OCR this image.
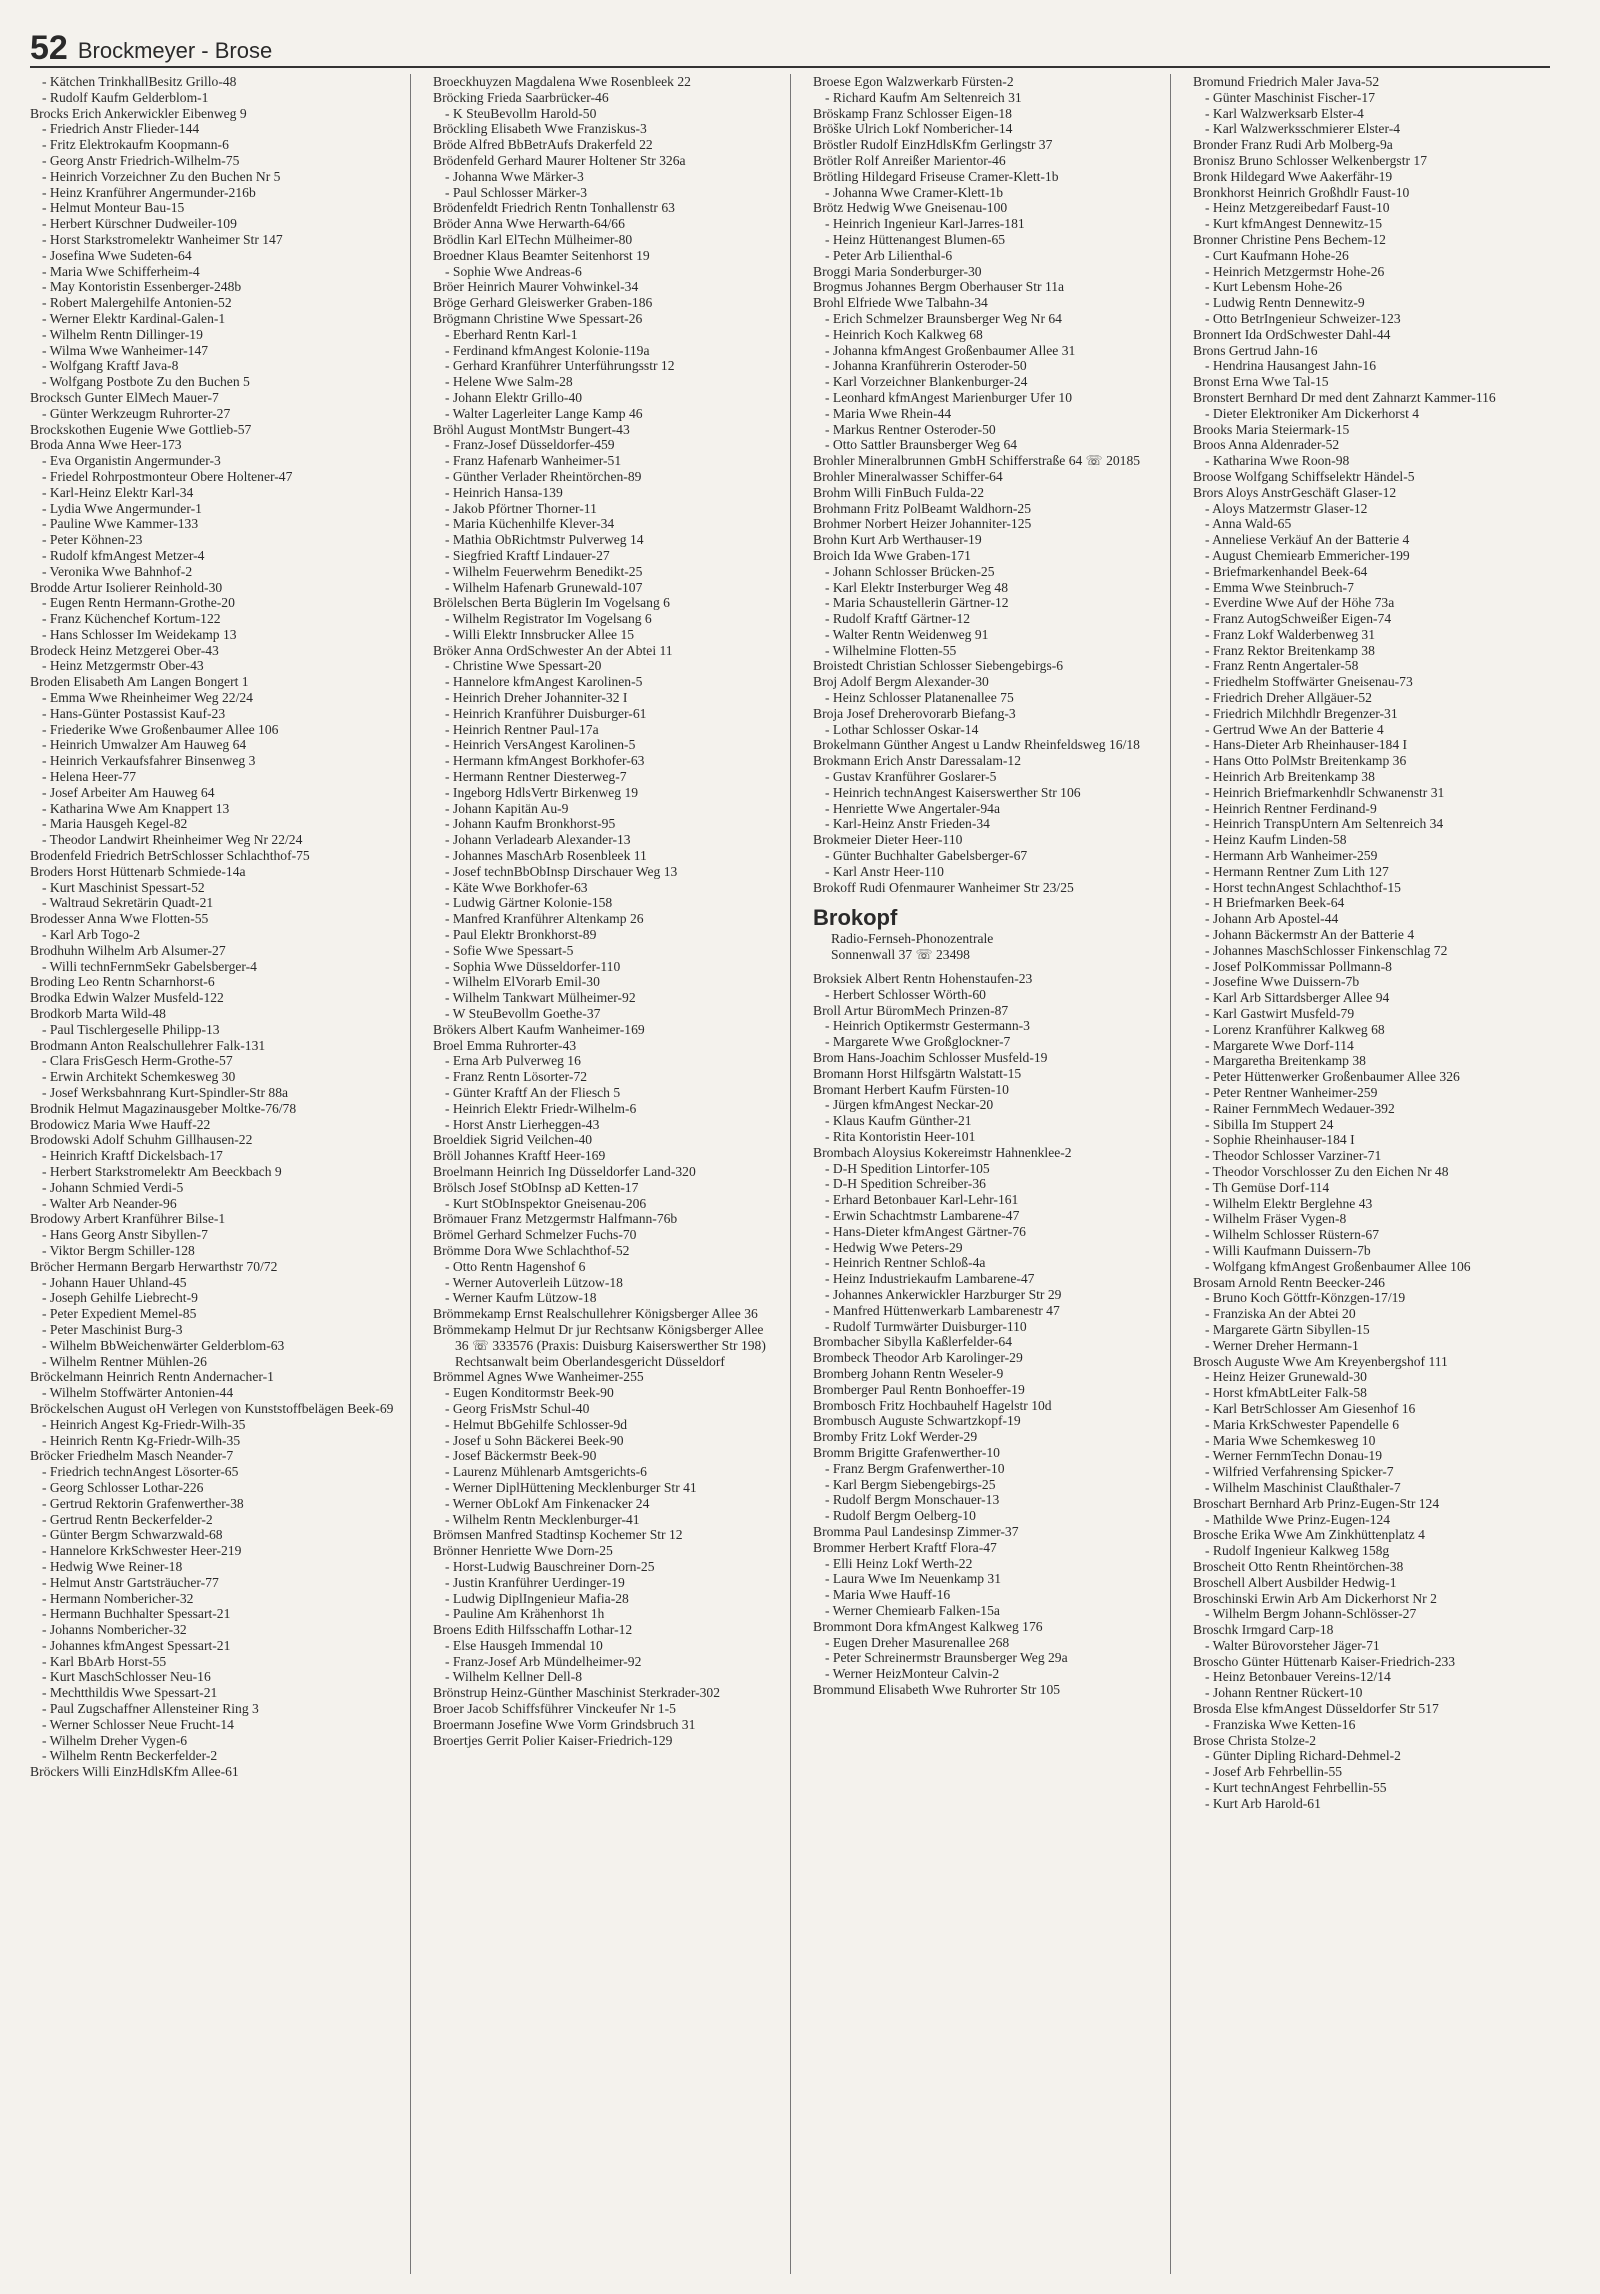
52 Brockmeyer - Brose

- Kätchen TrinkhallBesitz Grillo-48

- Rudolf Kaufm Gelderblom-1

Brocks Erich Ankerwickler Eibenweg 9

- Friedrich Anstr Flieder-144

- Fritz Elektrokaufm Koopmann-6

- Georg Anstr Friedrich-Wilhelm-75

- Heinrich Vorzeichner Zu den Buchen Nr 5

- Heinz Kranführer Angermunder-216b

- Helmut Monteur Bau-15

- Herbert Kürschner Dudweiler-109

- Horst Starkstromelektr Wanheimer Str 147

- Josefina Wwe Sudeten-64

- Maria Wwe Schifferheim-4

- May Kontoristin Essenberger-248b

- Robert Malergehilfe Antonien-52

- Werner Elektr Kardinal-Galen-1

- Wilhelm Rentn Dillinger-19

- Wilma Wwe Wanheimer-147

- Wolfgang Kraftf Java-8

- Wolfgang Postbote Zu den Buchen 5

Brocksch Gunter ElMech Mauer-7

- Günter Werkzeugm Ruhrorter-27

Brockskothen Eugenie Wwe Gottlieb-57

Broda Anna Wwe Heer-173

- Eva Organistin Angermunder-3

- Friedel Rohrpostmonteur Obere Holtener-47

- Karl-Heinz Elektr Karl-34

- Lydia Wwe Angermunder-1

- Pauline Wwe Kammer-133

- Peter Köhnen-23

- Rudolf kfmAngest Metzer-4

- Veronika Wwe Bahnhof-2

Brodde Artur Isolierer Reinhold-30

- Eugen Rentn Hermann-Grothe-20

- Franz Küchenchef Kortum-122

- Hans Schlosser Im Weidekamp 13

Brodeck Heinz Metzgerei Ober-43

- Heinz Metzgermstr Ober-43

Broden Elisabeth Am Langen Bongert 1

- Emma Wwe Rheinheimer Weg 22/24

- Hans-Günter Postassist Kauf-23

- Friederike Wwe Großenbaumer Allee 106

- Heinrich Umwalzer Am Hauweg 64

- Heinrich Verkaufsfahrer Binsenweg 3

- Helena Heer-77

- Josef Arbeiter Am Hauweg 64

- Katharina Wwe Am Knappert 13

- Maria Hausgeh Kegel-82

- Theodor Landwirt Rheinheimer Weg Nr 22/24

Brodenfeld Friedrich BetrSchlosser Schlachthof-75

Broders Horst Hüttenarb Schmiede-14a

- Kurt Maschinist Spessart-52

- Waltraud Sekretärin Quadt-21

Brodesser Anna Wwe Flotten-55

- Karl Arb Togo-2

Brodhuhn Wilhelm Arb Alsumer-27

- Willi technFernmSekr Gabelsberger-4

Broding Leo Rentn Scharnhorst-6

Brodka Edwin Walzer Musfeld-122

Brodkorb Marta Wild-48

- Paul Tischlergeselle Philipp-13

Brodmann Anton Realschullehrer Falk-131

- Clara FrisGesch Herm-Grothe-57

- Erwin Architekt Schemkesweg 30

- Josef Werksbahnrang Kurt-Spindler-Str 88a

Brodnik Helmut Magazinausgeber Moltke-76/78

Brodowicz Maria Wwe Hauff-22

Brodowski Adolf Schuhm Gillhausen-22

- Heinrich Kraftf Dickelsbach-17

- Herbert Starkstromelektr Am Beeckbach 9

- Johann Schmied Verdi-5

- Walter Arb Neander-96

Brodowy Arbert Kranführer Bilse-1

- Hans Georg Anstr Sibyllen-7

- Viktor Bergm Schiller-128

Bröcher Hermann Bergarb Herwarthstr 70/72

- Johann Hauer Uhland-45

- Joseph Gehilfe Liebrecht-9

- Peter Expedient Memel-85

- Peter Maschinist Burg-3

- Wilhelm BbWeichenwärter Gelderblom-63

- Wilhelm Rentner Mühlen-26

Bröckelmann Heinrich Rentn Andernacher-1

- Wilhelm Stoffwärter Antonien-44

Bröckelschen August oH Verlegen von Kunststoffbelägen Beek-69

- Heinrich Angest Kg-Friedr-Wilh-35

- Heinrich Rentn Kg-Friedr-Wilh-35

Bröcker Friedhelm Masch Neander-7

- Friedrich technAngest Lösorter-65

- Georg Schlosser Lothar-226

- Gertrud Rektorin Grafenwerther-38

- Gertrud Rentn Beckerfelder-2

- Günter Bergm Schwarzwald-68

- Hannelore KrkSchwester Heer-219

- Hedwig Wwe Reiner-18

- Helmut Anstr Gartsträucher-77

- Hermann Nombericher-32

- Hermann Buchhalter Spessart-21

- Johanns Nombericher-32

- Johannes kfmAngest Spessart-21

- Karl BbArb Horst-55

- Kurt MaschSchlosser Neu-16

- Mechtthildis Wwe Spessart-21

- Paul Zugschaffner Allensteiner Ring 3

- Werner Schlosser Neue Frucht-14

- Wilhelm Dreher Vygen-6

- Wilhelm Rentn Beckerfelder-2

Bröckers Willi EinzHdlsKfm Allee-61

Broeckhuyzen Magdalena Wwe Rosenbleek 22

Bröcking Frieda Saarbrücker-46

- K SteuBevollm Harold-50

Bröckling Elisabeth Wwe Franziskus-3

Bröde Alfred BbBetrAufs Drakerfeld 22

Brödenfeld Gerhard Maurer Holtener Str 326a

- Johanna Wwe Märker-3

- Paul Schlosser Märker-3

Brödenfeldt Friedrich Rentn Tonhallenstr 63

Bröder Anna Wwe Herwarth-64/66

Brödlin Karl ElTechn Mülheimer-80

Broedner Klaus Beamter Seitenhorst 19

- Sophie Wwe Andreas-6

Bröer Heinrich Maurer Vohwinkel-34

Bröge Gerhard Gleiswerker Graben-186

Brögmann Christine Wwe Spessart-26

- Eberhard Rentn Karl-1

- Ferdinand kfmAngest Kolonie-119a

- Gerhard Kranführer Unterführungsstr 12

- Helene Wwe Salm-28

- Johann Elektr Grillo-40

- Walter Lagerleiter Lange Kamp 46

Bröhl August MontMstr Bungert-43

- Franz-Josef Düsseldorfer-459

- Franz Hafenarb Wanheimer-51

- Günther Verlader Rheintörchen-89

- Heinrich Hansa-139

- Jakob Pförtner Thorner-11

- Maria Küchenhilfe Klever-34

- Mathia ObRichtmstr Pulverweg 14

- Siegfried Kraftf Lindauer-27

- Wilhelm Feuerwehrm Benedikt-25

- Wilhelm Hafenarb Grunewald-107

Brölelschen Berta Büglerin Im Vogelsang 6

- Wilhelm Registrator Im Vogelsang 6

- Willi Elektr Innsbrucker Allee 15

Bröker Anna OrdSchwester An der Abtei 11

- Christine Wwe Spessart-20

- Hannelore kfmAngest Karolinen-5

- Heinrich Dreher Johanniter-32 I

- Heinrich Kranführer Duisburger-61

- Heinrich Rentner Paul-17a

- Heinrich VersAngest Karolinen-5

- Hermann kfmAngest Borkhofer-63

- Hermann Rentner Diesterweg-7

- Ingeborg HdlsVertr Birkenweg 19

- Johann Kapitän Au-9

- Johann Kaufm Bronkhorst-95

- Johann Verladearb Alexander-13

- Johannes MaschArb Rosenbleek 11

- Josef technBbObInsp Dirschauer Weg 13

- Käte Wwe Borkhofer-63

- Ludwig Gärtner Kolonie-158

- Manfred Kranführer Altenkamp 26

- Paul Elektr Bronkhorst-89

- Sofie Wwe Spessart-5

- Sophia Wwe Düsseldorfer-110

- Wilhelm ElVorarb Emil-30

- Wilhelm Tankwart Mülheimer-92

- W SteuBevollm Goethe-37

Brökers Albert Kaufm Wanheimer-169

Broel Emma Ruhrorter-43

- Erna Arb Pulverweg 16

- Franz Rentn Lösorter-72

- Günter Kraftf An der Fliesch 5

- Heinrich Elektr Friedr-Wilhelm-6

- Horst Anstr Lierheggen-43

Broeldiek Sigrid Veilchen-40

Bröll Johannes Kraftf Heer-169

Broelmann Heinrich Ing Düsseldorfer Land-320

Brölsch Josef StObInsp aD Ketten-17

- Kurt StObInspektor Gneisenau-206

Brömauer Franz Metzgermstr Halfmann-76b

Brömel Gerhard Schmelzer Fuchs-70

Brömme Dora Wwe Schlachthof-52

- Otto Rentn Hagenshof 6

- Werner Autoverleih Lützow-18

- Werner Kaufm Lützow-18

Brömmekamp Ernst Realschullehrer Königsberger Allee 36

Brömmekamp Helmut Dr jur Rechtsanw Königsberger Allee 36 ☏ 333576 (Praxis: Duisburg Kaiserswerther Str 198) Rechtsanwalt beim Oberlandesgericht Düsseldorf

Brömmel Agnes Wwe Wanheimer-255

- Eugen Konditormstr Beek-90

- Georg FrisMstr Schul-40

- Helmut BbGehilfe Schlosser-9d

- Josef u Sohn Bäckerei Beek-90

- Josef Bäckermstr Beek-90

- Laurenz Mühlenarb Amtsgerichts-6

- Werner DiplHüttening Mecklenburger Str 41

- Werner ObLokf Am Finkenacker 24

- Wilhelm Rentn Mecklenburger-41

Brömsen Manfred Stadtinsp Kochemer Str 12

Brönner Henriette Wwe Dorn-25

- Horst-Ludwig Bauschreiner Dorn-25

- Justin Kranführer Uerdinger-19

- Ludwig DiplIngenieur Mafia-28

- Pauline Am Krähenhorst 1h

Broens Edith Hilfsschaffn Lothar-12

- Else Hausgeh Immendal 10

- Franz-Josef Arb Mündelheimer-92

- Wilhelm Kellner Dell-8

Brönstrup Heinz-Günther Maschinist Sterkrader-302

Broer Jacob Schiffsführer Vinckeufer Nr 1-5

Broermann Josefine Wwe Vorm Grindsbruch 31

Broertjes Gerrit Polier Kaiser-Friedrich-129

Broese Egon Walzwerkarb Fürsten-2

- Richard Kaufm Am Seltenreich 31

Bröskamp Franz Schlosser Eigen-18

Bröške Ulrich Lokf Nombericher-14

Bröstler Rudolf EinzHdlsKfm Gerlingstr 37

Brötler Rolf Anreißer Marientor-46

Brötling Hildegard Friseuse Cramer-Klett-1b

- Johanna Wwe Cramer-Klett-1b

Brötz Hedwig Wwe Gneisenau-100

- Heinrich Ingenieur Karl-Jarres-181

- Heinz Hüttenangest Blumen-65

- Peter Arb Lilienthal-6

Broggi Maria Sonderburger-30

Brogmus Johannes Bergm Oberhauser Str 11a

Brohl Elfriede Wwe Talbahn-34

- Erich Schmelzer Braunsberger Weg Nr 64

- Heinrich Koch Kalkweg 68

- Johanna kfmAngest Großenbaumer Allee 31

- Johanna Kranführerin Osteroder-50

- Karl Vorzeichner Blankenburger-24

- Leonhard kfmAngest Marienburger Ufer 10

- Maria Wwe Rhein-44

- Markus Rentner Osteroder-50

- Otto Sattler Braunsberger Weg 64

Brohler Mineralbrunnen GmbH Schifferstraße 64 ☏ 20185

Brohler Mineralwasser Schiffer-64

Brohm Willi FinBuch Fulda-22

Brohmann Fritz PolBeamt Waldhorn-25

Brohmer Norbert Heizer Johanniter-125

Brohn Kurt Arb Werthauser-19

Broich Ida Wwe Graben-171

- Johann Schlosser Brücken-25

- Karl Elektr Insterburger Weg 48

- Maria Schaustellerin Gärtner-12

- Rudolf Kraftf Gärtner-12

- Walter Rentn Weidenweg 91

- Wilhelmine Flotten-55

Broistedt Christian Schlosser Siebengebirgs-6

Broj Adolf Bergm Alexander-30

- Heinz Schlosser Platanenallee 75

Broja Josef Dreherovorarb Biefang-3

- Lothar Schlosser Oskar-14

Brokelmann Günther Angest u Landw Rheinfeldsweg 16/18

Brokmann Erich Anstr Daressalam-12

- Gustav Kranführer Goslarer-5

- Heinrich technAngest Kaiserswerther Str 106

- Henriette Wwe Angertaler-94a

- Karl-Heinz Anstr Frieden-34

Brokmeier Dieter Heer-110

- Günter Buchhalter Gabelsberger-67

- Karl Anstr Heer-110

Brokoff Rudi Ofenmaurer Wanheimer Str 23/25

Brokopf
Radio-Fernseh-Phonozentrale
Sonnenwall 37 ☏ 23498

Broksiek Albert Rentn Hohenstaufen-23

- Herbert Schlosser Wörth-60

Broll Artur BüromMech Prinzen-87

- Heinrich Optikermstr Gestermann-3

- Margarete Wwe Großglockner-7

Brom Hans-Joachim Schlosser Musfeld-19

Bromann Horst Hilfsgärtn Walstatt-15

Bromant Herbert Kaufm Fürsten-10

- Jürgen kfmAngest Neckar-20

- Klaus Kaufm Günther-21

- Rita Kontoristin Heer-101

Brombach Aloysius Kokereimstr Hahnenklee-2

- D-H Spedition Lintorfer-105

- D-H Spedition Schreiber-36

- Erhard Betonbauer Karl-Lehr-161

- Erwin Schachtmstr Lambarene-47

- Hans-Dieter kfmAngest Gärtner-76

- Hedwig Wwe Peters-29

- Heinrich Rentner Schloß-4a

- Heinz Industriekaufm Lambarene-47

- Johannes Ankerwickler Harzburger Str 29

- Manfred Hüttenwerkarb Lambarenestr 47

- Rudolf Turmwärter Duisburger-110

Brombacher Sibylla Kaßlerfelder-64

Brombeck Theodor Arb Karolinger-29

Bromberg Johann Rentn Weseler-9

Bromberger Paul Rentn Bonhoeffer-19

Brombosch Fritz Hochbauhelf Hagelstr 10d

Brombusch Auguste Schwartzkopf-19

Bromby Fritz Lokf Werder-29

Bromm Brigitte Grafenwerther-10

- Franz Bergm Grafenwerther-10

- Karl Bergm Siebengebirgs-25

- Rudolf Bergm Monschauer-13

- Rudolf Bergm Oelberg-10

Bromma Paul Landesinsp Zimmer-37

Brommer Herbert Kraftf Flora-47

- Elli Heinz Lokf Werth-22

- Laura Wwe Im Neuenkamp 31

- Maria Wwe Hauff-16

- Werner Chemiearb Falken-15a

Brommont Dora kfmAngest Kalkweg 176

- Eugen Dreher Masurenallee 268

- Peter Schreinermstr Braunsberger Weg 29a

- Werner HeizMonteur Calvin-2

Brommund Elisabeth Wwe Ruhrorter Str 105

Bromund Friedrich Maler Java-52

- Günter Maschinist Fischer-17

- Karl Walzwerksarb Elster-4

- Karl Walzwerksschmierer Elster-4

Bronder Franz Rudi Arb Molberg-9a

Bronisz Bruno Schlosser Welkenbergstr 17

Bronk Hildegard Wwe Aakerfähr-19

Bronkhorst Heinrich Großhdlr Faust-10

- Heinz Metzgereibedarf Faust-10

- Kurt kfmAngest Dennewitz-15

Bronner Christine Pens Bechem-12

- Curt Kaufmann Hohe-26

- Heinrich Metzgermstr Hohe-26

- Kurt Lebensm Hohe-26

- Ludwig Rentn Dennewitz-9

- Otto BetrIngenieur Schweizer-123

Bronnert Ida OrdSchwester Dahl-44

Brons Gertrud Jahn-16

- Hendrina Hausangest Jahn-16

Bronst Erna Wwe Tal-15

Bronstert Bernhard Dr med dent Zahnarzt Kammer-116

- Dieter Elektroniker Am Dickerhorst 4

Brooks Maria Steiermark-15

Broos Anna Aldenrader-52

- Katharina Wwe Roon-98

Broose Wolfgang Schiffselektr Händel-5

Brors Aloys AnstrGeschäft Glaser-12

- Aloys Matzermstr Glaser-12

- Anna Wald-65

- Anneliese Verkäuf An der Batterie 4

- August Chemiearb Emmericher-199

- Briefmarkenhandel Beek-64

- Emma Wwe Steinbruch-7

- Everdine Wwe Auf der Höhe 73a

- Franz AutogSchweißer Eigen-74

- Franz Lokf Walderbenweg 31

- Franz Rektor Breitenkamp 38

- Franz Rentn Angertaler-58

- Friedhelm Stoffwärter Gneisenau-73

- Friedrich Dreher Allgäuer-52

- Friedrich Milchhdlr Bregenzer-31

- Gertrud Wwe An der Batterie 4

- Hans-Dieter Arb Rheinhauser-184 I

- Hans Otto PolMstr Breitenkamp 36

- Heinrich Arb Breitenkamp 38

- Heinrich Briefmarkenhdlr Schwanenstr 31

- Heinrich Rentner Ferdinand-9

- Heinrich TranspUntern Am Seltenreich 34

- Heinz Kaufm Linden-58

- Hermann Arb Wanheimer-259

- Hermann Rentner Zum Lith 127

- Horst technAngest Schlachthof-15

- H Briefmarken Beek-64

- Johann Arb Apostel-44

- Johann Bäckermstr An der Batterie 4

- Johannes MaschSchlosser Finkenschlag 72

- Josef PolKommissar Pollmann-8

- Josefine Wwe Duissern-7b

- Karl Arb Sittardsberger Allee 94

- Karl Gastwirt Musfeld-79

- Lorenz Kranführer Kalkweg 68

- Margarete Wwe Dorf-114

- Margaretha Breitenkamp 38

- Peter Hüttenwerker Großenbaumer Allee 326

- Peter Rentner Wanheimer-259

- Rainer FernmMech Wedauer-392

- Sibilla Im Stuppert 24

- Sophie Rheinhauser-184 I

- Theodor Schlosser Varziner-71

- Theodor Vorschlosser Zu den Eichen Nr 48

- Th Gemüse Dorf-114

- Wilhelm Elektr Berglehne 43

- Wilhelm Fräser Vygen-8

- Wilhelm Schlosser Rüstern-67

- Willi Kaufmann Duissern-7b

- Wolfgang kfmAngest Großenbaumer Allee 106

Brosam Arnold Rentn Beecker-246

- Bruno Koch Göttfr-Könzgen-17/19

- Franziska An der Abtei 20

- Margarete Gärtn Sibyllen-15

- Werner Dreher Hermann-1

Brosch Auguste Wwe Am Kreyenbergshof 111

- Heinz Heizer Grunewald-30

- Horst kfmAbtLeiter Falk-58

- Karl BetrSchlosser Am Giesenhof 16

- Maria KrkSchwester Papendelle 6

- Maria Wwe Schemkesweg 10

- Werner FernmTechn Donau-19

- Wilfried Verfahrensing Spicker-7

- Wilhelm Maschinist Claußthaler-7

Broschart Bernhard Arb Prinz-Eugen-Str 124

- Mathilde Wwe Prinz-Eugen-124

Brosche Erika Wwe Am Zinkhüttenplatz 4

- Rudolf Ingenieur Kalkweg 158g

Broscheit Otto Rentn Rheintörchen-38

Broschell Albert Ausbilder Hedwig-1

Broschinski Erwin Arb Am Dickerhorst Nr 2

- Wilhelm Bergm Johann-Schlösser-27

Broschk Irmgard Carp-18

- Walter Bürovorsteher Jäger-71

Broscho Günter Hüttenarb Kaiser-Friedrich-233

- Heinz Betonbauer Vereins-12/14

- Johann Rentner Rückert-10

Brosda Else kfmAngest Düsseldorfer Str 517

- Franziska Wwe Ketten-16

Brose Christa Stolze-2

- Günter Dipling Richard-Dehmel-2

- Josef Arb Fehrbellin-55

- Kurt technAngest Fehrbellin-55

- Kurt Arb Harold-61
